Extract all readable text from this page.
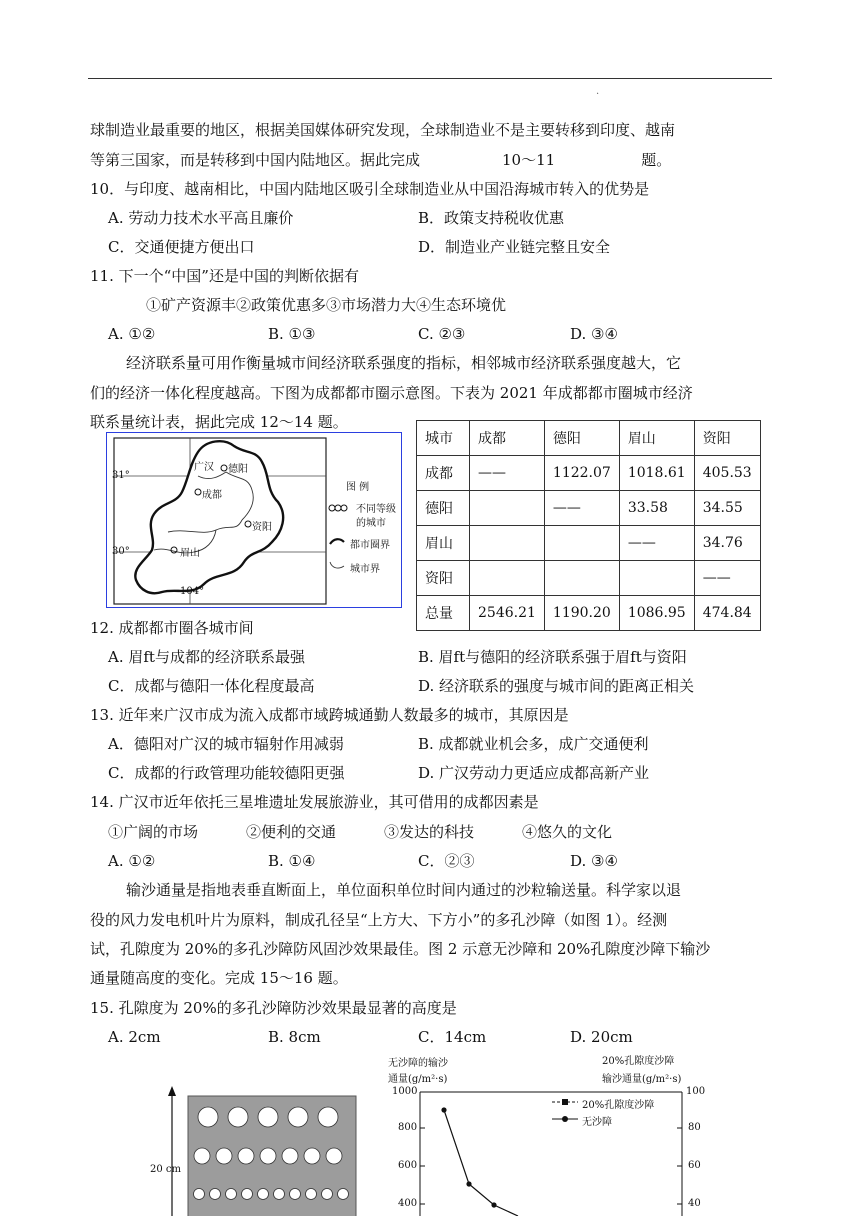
.
球制造业最重要的地区，根据美国媒体研究发现，全球制造业不是主要转移到印度、越南
等第三国家，而是转移到中国内陆地区。据此完成	10～11	题。
10．与印度、越南相比，中国内陆地区吸引全球制造业从中国沿海城市转入的优势是
A. 劳动力技术水平高且廉价	B．政策支持税收优惠
C．交通便捷方便出口	D．制造业产业链完整且安全
11. 下一个“中国”还是中国的判断依据有
①矿产资源丰②政策优惠多③市场潜力大④生态环境优
A. ①②	B. ①③	C. ②③	D. ③④
经济联系量可用作衡量城市间经济联系强度的指标，相邻城市经济联系强度越大，它
们的经济一体化程度越高。下图为成都都市圈示意图。下表为 2021 年成都都市圈城市经济
联系量统计表，据此完成 12～14 题。
31°
30°
104°
广汉 德阳
成都
资阳
眉山
图 例
不同等级
的城市
都市圈界
城市界
城市	成都	德阳	眉山	资阳
成都	——	1122.07	1018.61	405.53
德阳		——	33.58	34.55
眉山			——	34.76
资阳				——
总量	2546.21	1190.20	1086.95	474.84
12. 成都都市圈各城市间
A. 眉ft与成都的经济联系最强	B. 眉ft与德阳的经济联系强于眉ft与资阳
C．成都与德阳一体化程度最高	D. 经济联系的强度与城市间的距离正相关
13. 近年来广汉市成为流入成都市域跨城通勤人数最多的城市，其原因是
A．德阳对广汉的城市辐射作用减弱	B. 成都就业机会多，成广交通便利
C．成都的行政管理功能较德阳更强	D. 广汉劳动力更适应成都高新产业
14. 广汉市近年依托三星堆遗址发展旅游业，其可借用的成都因素是
①广阔的市场	②便利的交通	③发达的科技	④悠久的文化
A. ①②	B. ①④	C．②③	D. ③④
输沙通量是指地表垂直断面上，单位面积单位时间内通过的沙粒输送量。科学家以退
役的风力发电机叶片为原料，制成孔径呈“上方大、下方小”的多孔沙障（如图 1）。经测
试，孔隙度为 20%的多孔沙障防风固沙效果最佳。图 2 示意无沙障和 20%孔隙度沙障下输沙
通量随高度的变化。完成 15～16 题。
15. 孔隙度为 20%的多孔沙障防沙效果最显著的高度是
A. 2cm	B. 8cm	C．14cm	D. 20cm
20 cm
无沙障的输沙
通量(g/m²·s)
20%孔隙度沙障
输沙通量(g/m²·s)
1000
800
600
400
100
80
60
40
20%孔隙度沙障
无沙障
